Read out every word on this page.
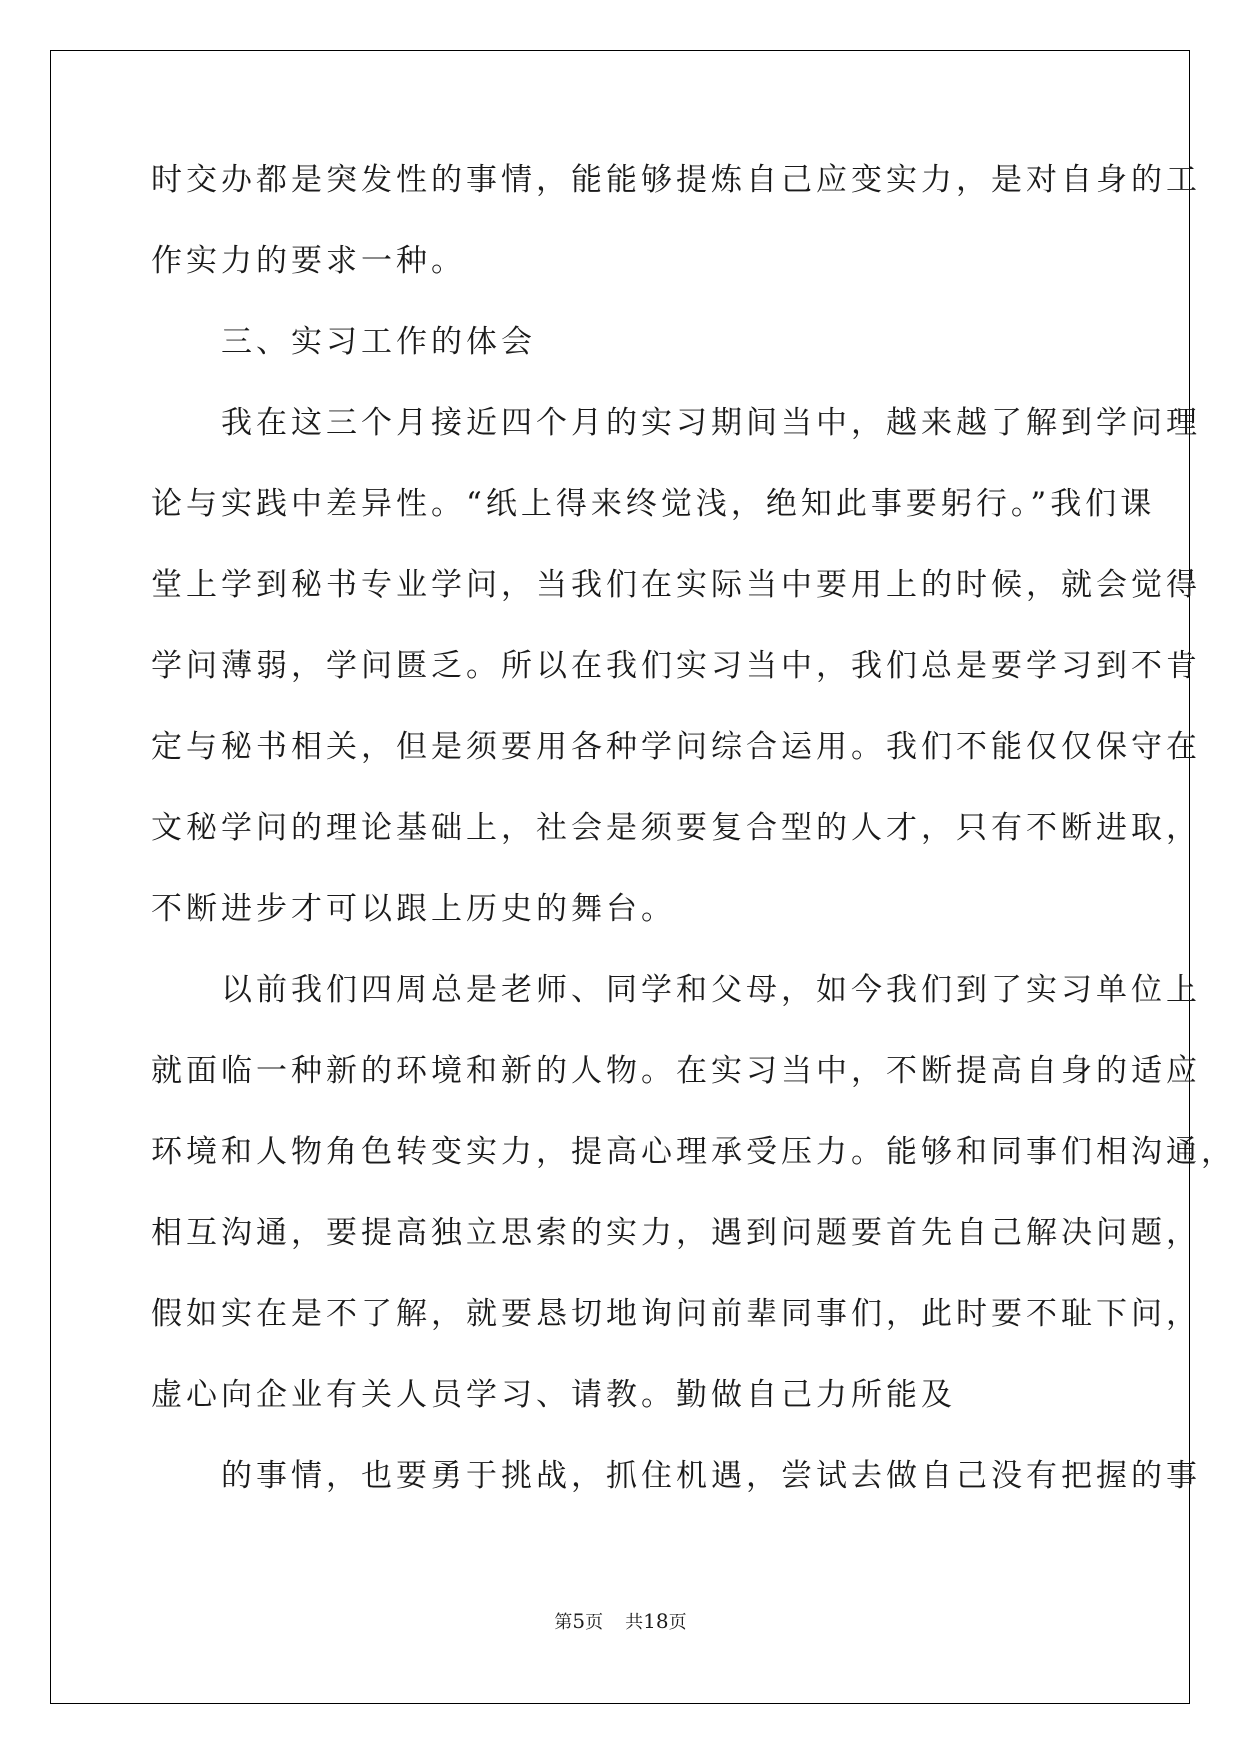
时交办都是突发性的事情，能能够提炼自己应变实力，是对自身的工
作实力的要求一种。
三、实习工作的体会
我在这三个月接近四个月的实习期间当中，越来越了解到学问理
论与实践中差异性。“纸上得来终觉浅，绝知此事要躬行。”我们课
堂上学到秘书专业学问，当我们在实际当中要用上的时候，就会觉得
学问薄弱，学问匮乏。所以在我们实习当中，我们总是要学习到不肯
定与秘书相关，但是须要用各种学问综合运用。我们不能仅仅保守在
文秘学问的理论基础上，社会是须要复合型的人才，只有不断进取，
不断进步才可以跟上历史的舞台。
以前我们四周总是老师、同学和父母，如今我们到了实习单位上
就面临一种新的环境和新的人物。在实习当中，不断提高自身的适应
环境和人物角色转变实力，提高心理承受压力。能够和同事们相沟通，
相互沟通，要提高独立思索的实力，遇到问题要首先自己解决问题，
假如实在是不了解，就要恳切地询问前辈同事们，此时要不耻下问，
虚心向企业有关人员学习、请教。勤做自己力所能及
的事情，也要勇于挑战，抓住机遇，尝试去做自己没有把握的事
第5页 共18页
